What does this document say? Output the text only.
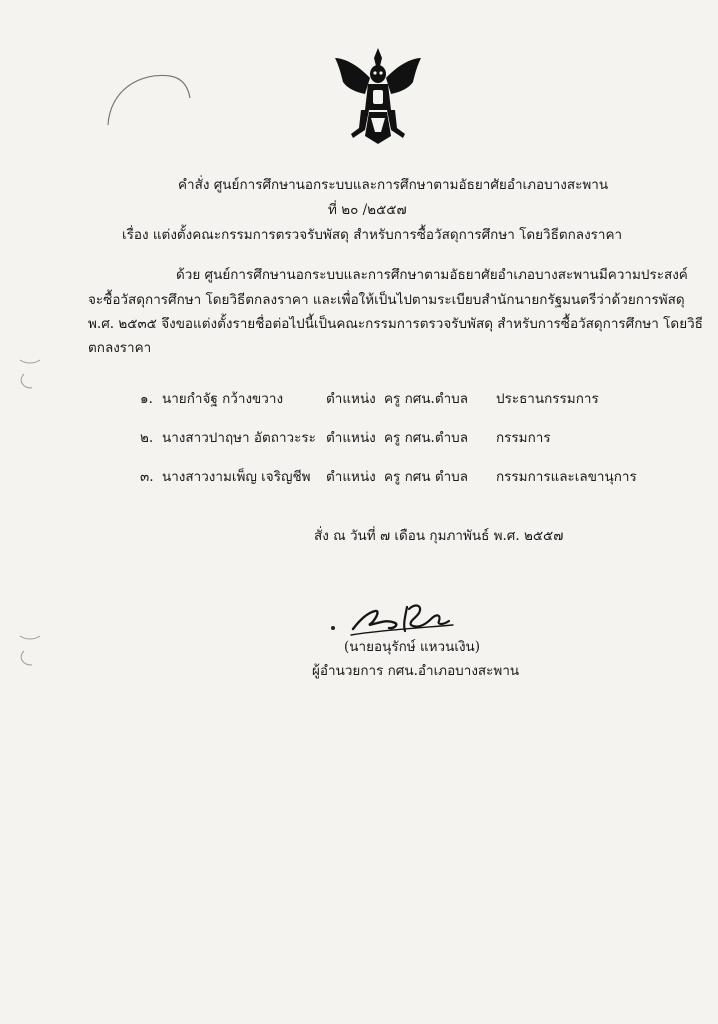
คำสั่ง ศูนย์การศึกษานอกระบบและการศึกษาตามอัธยาศัยอำเภอบางสะพาน
ที่ ๒๐ /๒๕๕๗
เรื่อง แต่งตั้งคณะกรรมการตรวจรับพัสดุ สำหรับการซื้อวัสดุการศึกษา โดยวิธีตกลงราคา
ด้วย ศูนย์การศึกษานอกระบบและการศึกษาตามอัธยาศัยอำเภอบางสะพานมีความประสงค์
จะซื้อวัสดุการศึกษา โดยวิธีตกลงราคา และเพื่อให้เป็นไปตามระเบียบสำนักนายกรัฐมนตรีว่าด้วยการพัสดุ
พ.ศ. ๒๕๓๕ จึงขอแต่งตั้งรายชื่อต่อไปนี้เป็นคณะกรรมการตรวจรับพัสดุ สำหรับการซื้อวัสดุการศึกษา โดยวิธี
ตกลงราคา
๑. นายกำจัฐ กว้างขวาง	ตำแหน่ง ครู กศน.ตำบล ประธานกรรมการ
๒. นางสาวปาฤษา อัตถาวะระ ตำแหน่ง ครู กศน.ตำบล กรรมการ
๓. นางสาวงามเพ็ญ เจริญชีพ ตำแหน่ง ครู กศน ตำบล กรรมการและเลขานุการ
สั่ง ณ วันที่ ๗ เดือน กุมภาพันธ์ พ.ศ. ๒๕๕๗
(นายอนุรักษ์ แหวนเงิน)
ผู้อำนวยการ กศน.อำเภอบางสะพาน
